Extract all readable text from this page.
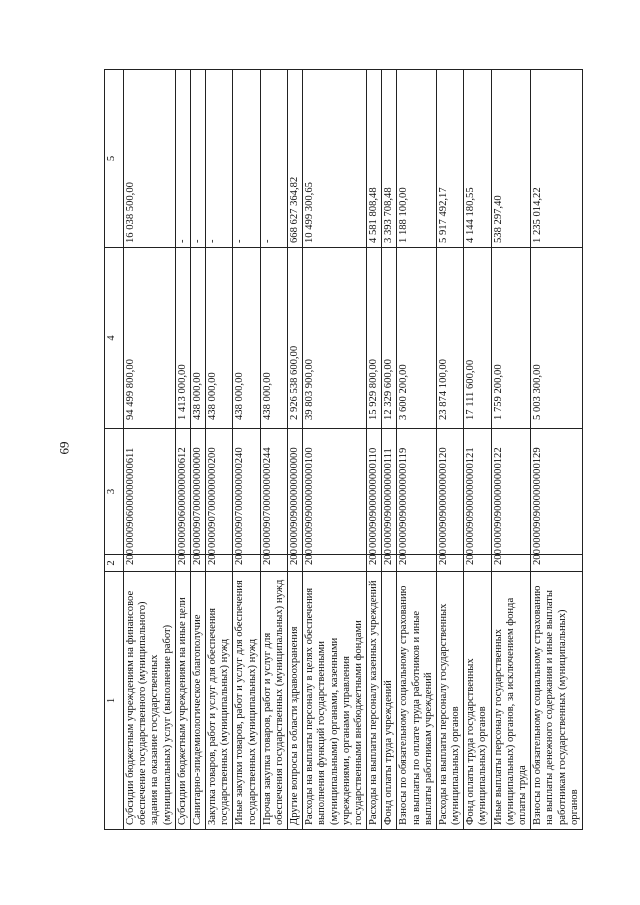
69
1	2	3	4	5
Субсидии бюджетным учреждениям на финансовое обеспечение государственного (муниципального) задания на оказание государственных (муниципальных) услуг (выполнение работ)	200	0000906000000000611	94 499 800,00	16 038 500,00
Субсидии бюджетным учреждениям на иные цели	200	0000906000000000612	1 413 000,00	-
Санитарно-эпидемиологическое благополучие	200	0000907000000000000	438 000,00	-
Закупка товаров, работ и услуг для обеспечения государственных (муниципальных) нужд	200	0000907000000000200	438 000,00	-
Иные закупки товаров, работ и услуг для обеспечения государственных (муниципальных) нужд	200	0000907000000000240	438 000,00	-
Прочая закупка товаров, работ и услуг для обеспечения государственных (муниципальных) нужд	200	0000907000000000244	438 000,00	-
Другие вопросы в области здравоохранения	200	0000909000000000000	2 926 538 600,00	668 627 364,82
Расходы на выплаты персоналу в целях обеспечения выполнения функций государственными (муниципальными) органами, казенными учреждениями, органами управления государственными внебюджетными фондами	200	0000909000000000100	39 803 900,00	10 499 300,65
Расходы на выплаты персоналу казенных учреждений	200	0000909000000000110	15 929 800,00	4 581 808,48
Фонд оплаты труда учреждений	200	0000909000000000111	12 329 600,00	3 393 708,48
Взносы по обязательному социальному страхованию на выплаты по оплате труда работников и иные выплаты работникам учреждений	200	0000909000000000119	3 600 200,00	1 188 100,00
Расходы на выплаты персоналу государственных (муниципальных) органов	200	0000909000000000120	23 874 100,00	5 917 492,17
Фонд оплаты труда государственных (муниципальных) органов	200	0000909000000000121	17 111 600,00	4 144 180,55
Иные выплаты персоналу государственных (муниципальных) органов, за исключением фонда оплаты труда	200	0000909000000000122	1 759 200,00	538 297,40
Взносы по обязательному социальному страхованию на выплаты денежного содержания и иные выплаты работникам государственных (муниципальных) органов	200	0000909000000000129	5 003 300,00	1 235 014,22
